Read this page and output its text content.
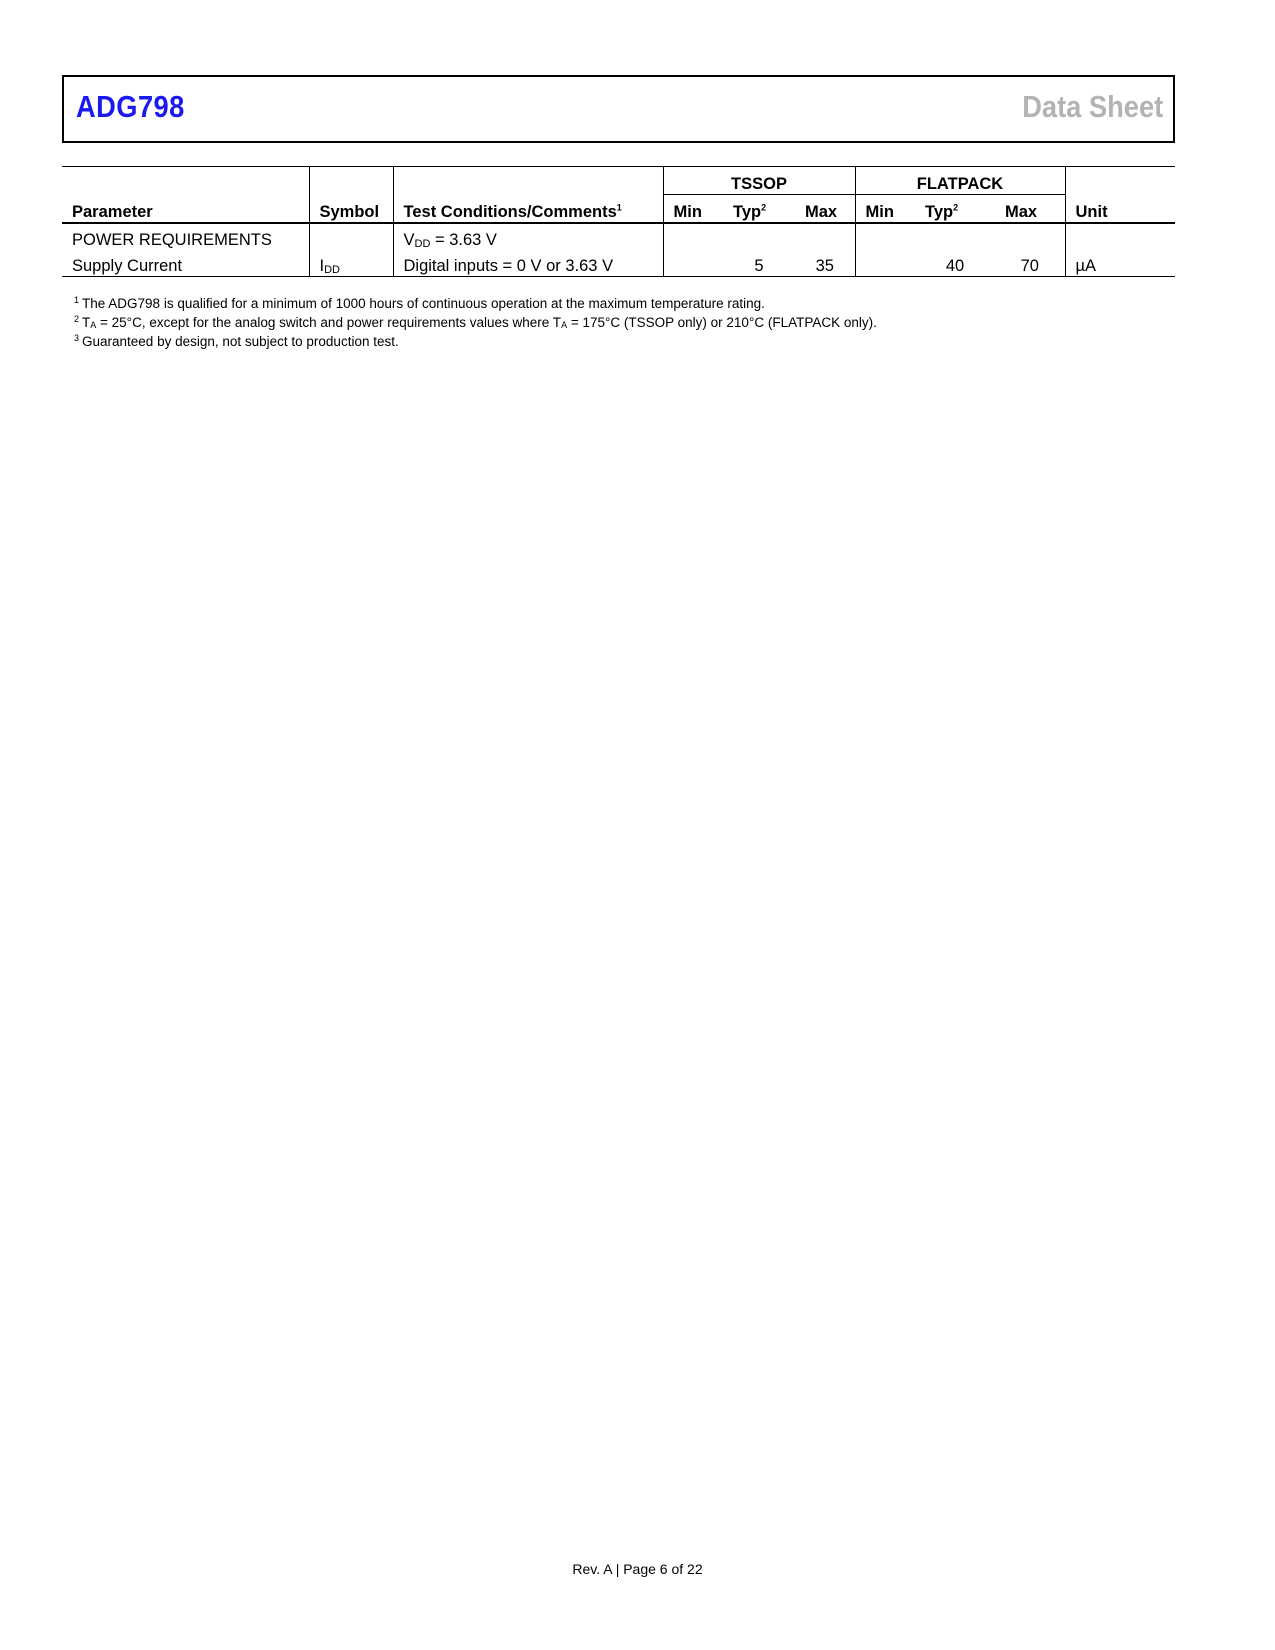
ADG798	Data Sheet
			TSSOP			FLATPACK			
Parameter	Symbol	Test Conditions/Comments$^1$	Min	Typ$^2$	Max	Min	Typ$^2$	Max	Unit
POWER REQUIREMENTS		$V_{DD} = 3.63$ V							
Supply Current	$I_{DD}$	Digital inputs = 0 V or 3.63 V		5	35		40	70	µA
$^1$ The ADG798 is qualified for a minimum of 1000 hours of continuous operation at the maximum temperature rating.
$^2$ $T_A = 25^\circ C$, except for the analog switch and power requirements values where $T_A = 175^\circ C$ (TSSOP only) or 210°C (FLATPACK only).
$^3$ Guaranteed by design, not subject to production test.
Rev. A | Page 6 of 22
